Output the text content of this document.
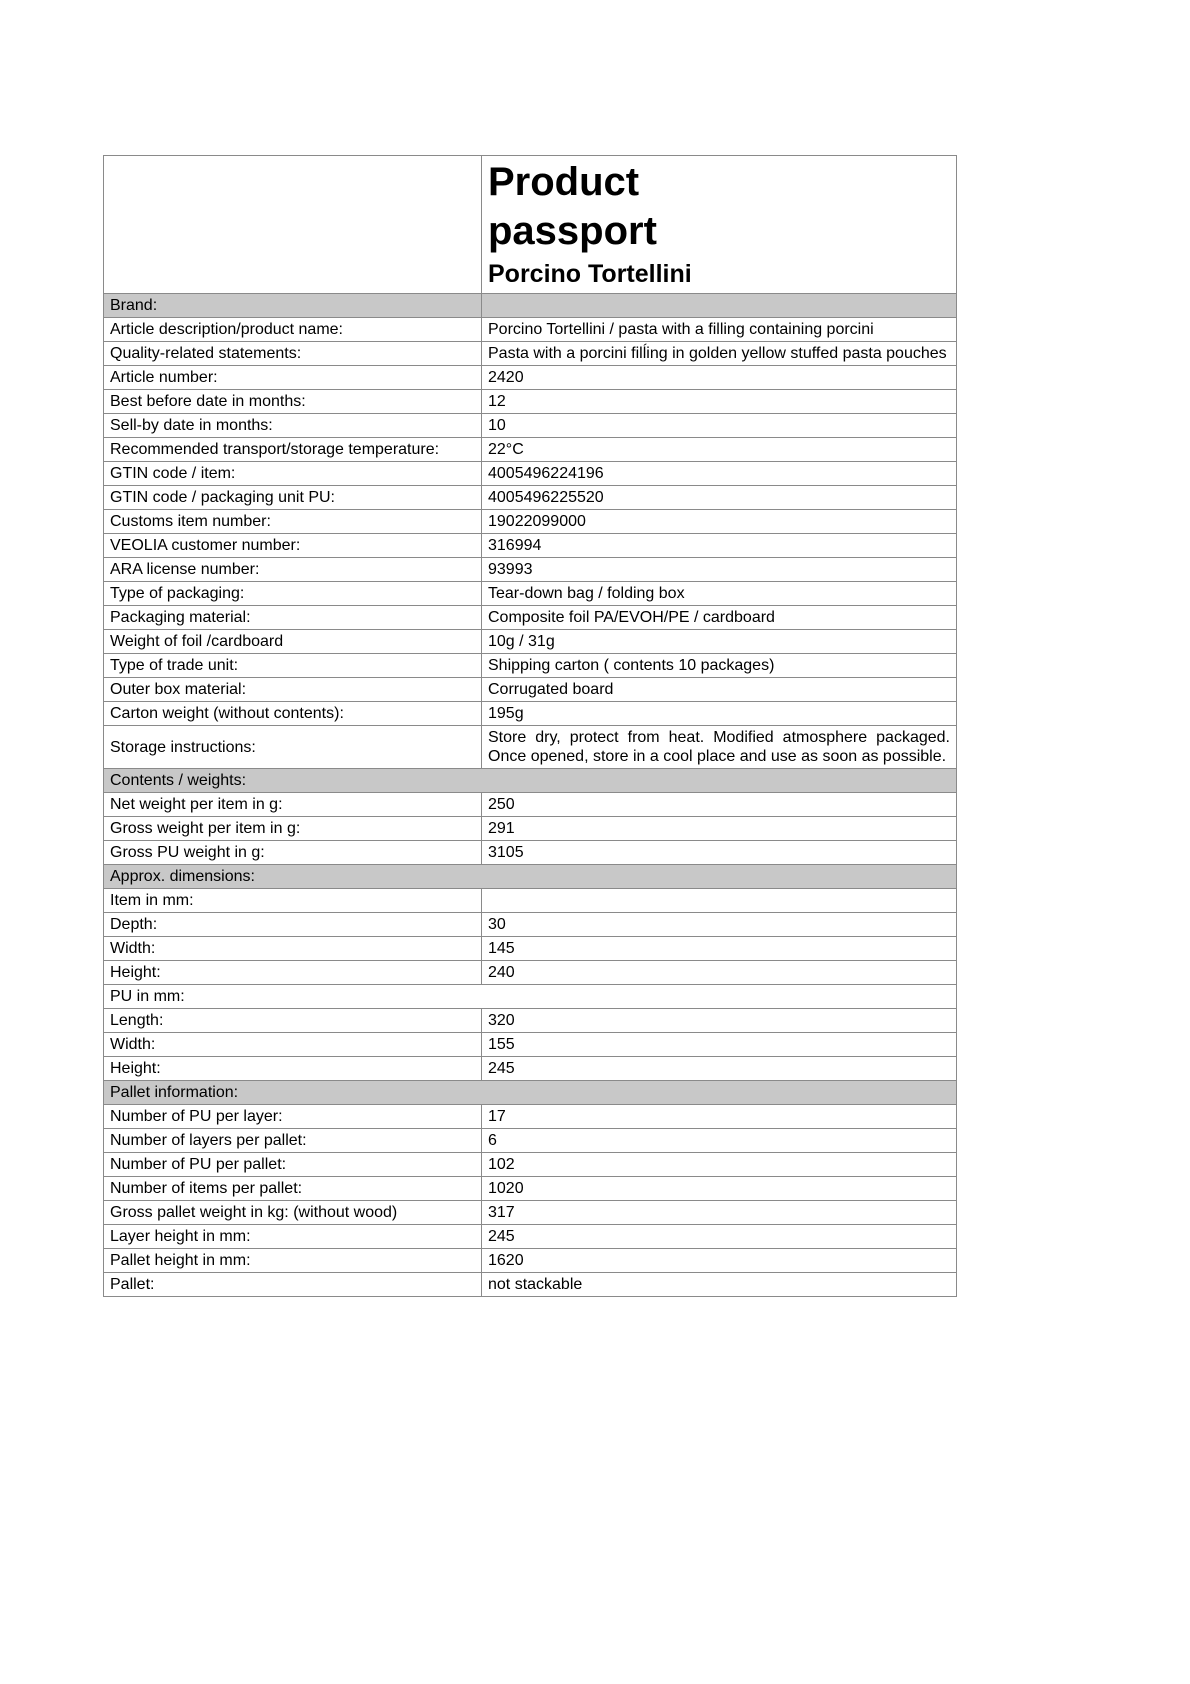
	Product
passport
Porcino Tortellini

Brand:	
Article description/product name:	Porcino Tortellini / pasta with a filling containing porcini
Quality-related statements:	Pasta with a porcini filĺing in golden yellow stuffed pasta pouches
Article number:	2420
Best before date in months:	12
Sell-by date in months:	10
Recommended transport/storage temperature:	22°C
GTIN code / item:	4005496224196
GTIN code / packaging unit PU:	4005496225520
Customs item number:	19022099000
VEOLIA customer number:	316994
ARA license number:	93993
Type of packaging:	Tear-down bag / folding box
Packaging material:	Composite foil PA/EVOH/PE / cardboard
Weight of foil /cardboard	10g / 31g
Type of trade unit:	Shipping carton ( contents 10 packages)
Outer box material:	Corrugated board
Carton weight (without contents):	195g
Storage instructions:	Store dry, protect from heat. Modified atmosphere packaged. Once opened, store in a cool place and use as soon as possible.
Contents / weights:	
Net weight per item in g:	250
Gross weight per item in g:	291
Gross PU weight in g:	3105
Approx. dimensions:	
Item in mm:	
Depth:	30
Width:	145
Height:	240
PU in mm:	
Length:	320
Width:	155
Height:	245
Pallet information:	
Number of PU per layer:	17
Number of layers per pallet:	6
Number of PU per pallet:	102
Number of items per pallet:	1020
Gross pallet weight in kg: (without wood)	317
Layer height in mm:	245
Pallet height in mm:	1620
Pallet:	not stackable
